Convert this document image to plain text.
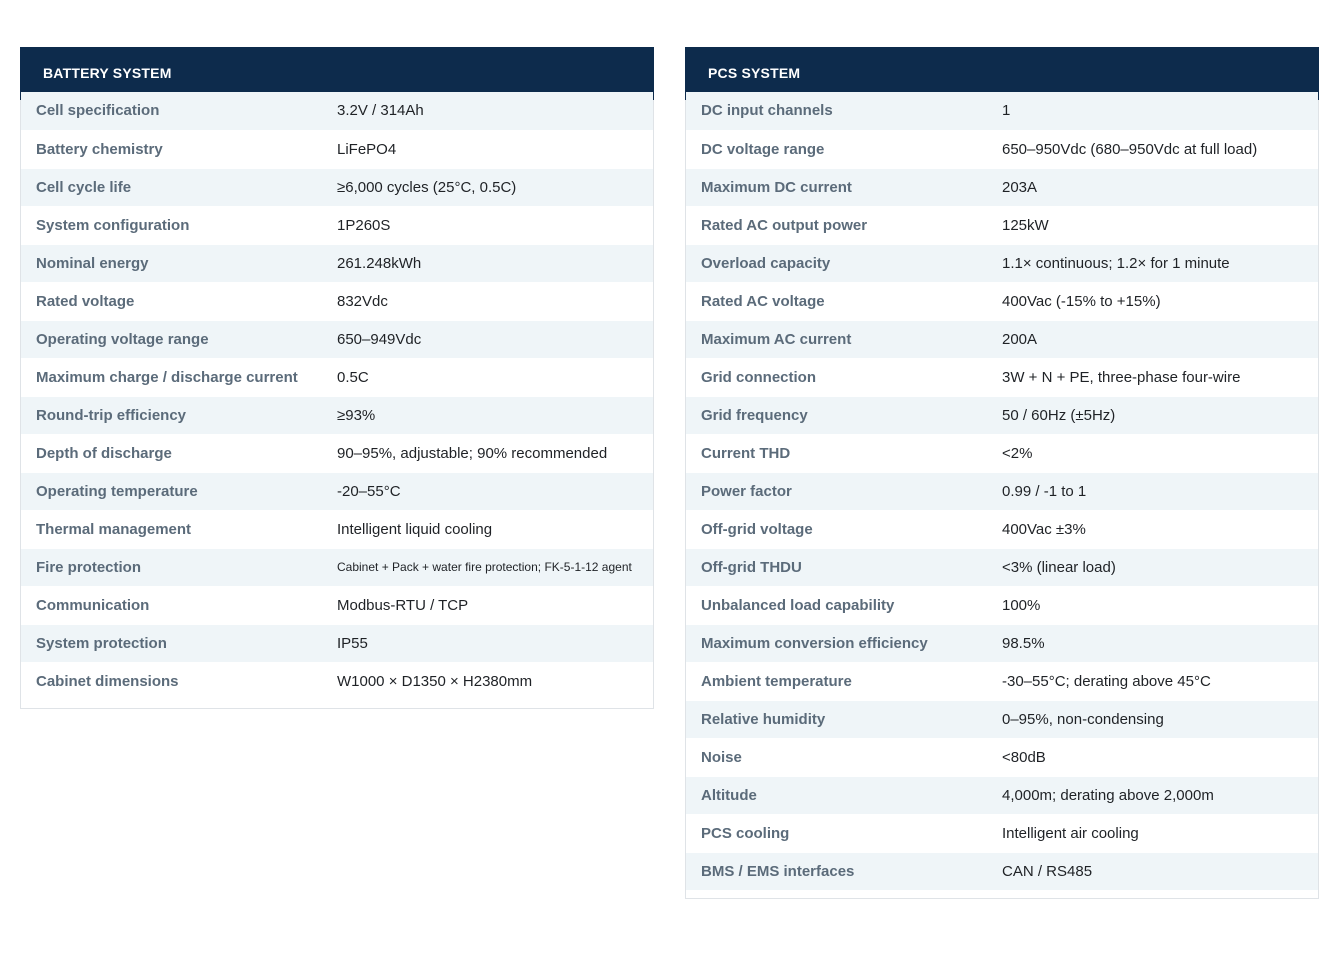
BATTERY SYSTEM
Cell specification	3.2V / 314Ah
Battery chemistry	LiFePO4
Cell cycle life	≥6,000 cycles (25°C, 0.5C)
System configuration	1P260S
Nominal energy	261.248kWh
Rated voltage	832Vdc
Operating voltage range	650–949Vdc
Maximum charge / discharge current	0.5C
Round-trip efficiency	≥93%
Depth of discharge	90–95%, adjustable; 90% recommended
Operating temperature	-20–55°C
Thermal management	Intelligent liquid cooling
Fire protection	Cabinet + Pack + water fire protection; FK-5-1-12 agent
Communication	Modbus-RTU / TCP
System protection	IP55
Cabinet dimensions	W1000 × D1350 × H2380mm
PCS SYSTEM
DC input channels	1
DC voltage range	650–950Vdc (680–950Vdc at full load)
Maximum DC current	203A
Rated AC output power	125kW
Overload capacity	1.1× continuous; 1.2× for 1 minute
Rated AC voltage	400Vac (-15% to +15%)
Maximum AC current	200A
Grid connection	3W + N + PE, three-phase four-wire
Grid frequency	50 / 60Hz (±5Hz)
Current THD	<2%
Power factor	0.99 / -1 to 1
Off-grid voltage	400Vac ±3%
Off-grid THDU	<3% (linear load)
Unbalanced load capability	100%
Maximum conversion efficiency	98.5%
Ambient temperature	-30–55°C; derating above 45°C
Relative humidity	0–95%, non-condensing
Noise	<80dB
Altitude	4,000m; derating above 2,000m
PCS cooling	Intelligent air cooling
BMS / EMS interfaces	CAN / RS485
